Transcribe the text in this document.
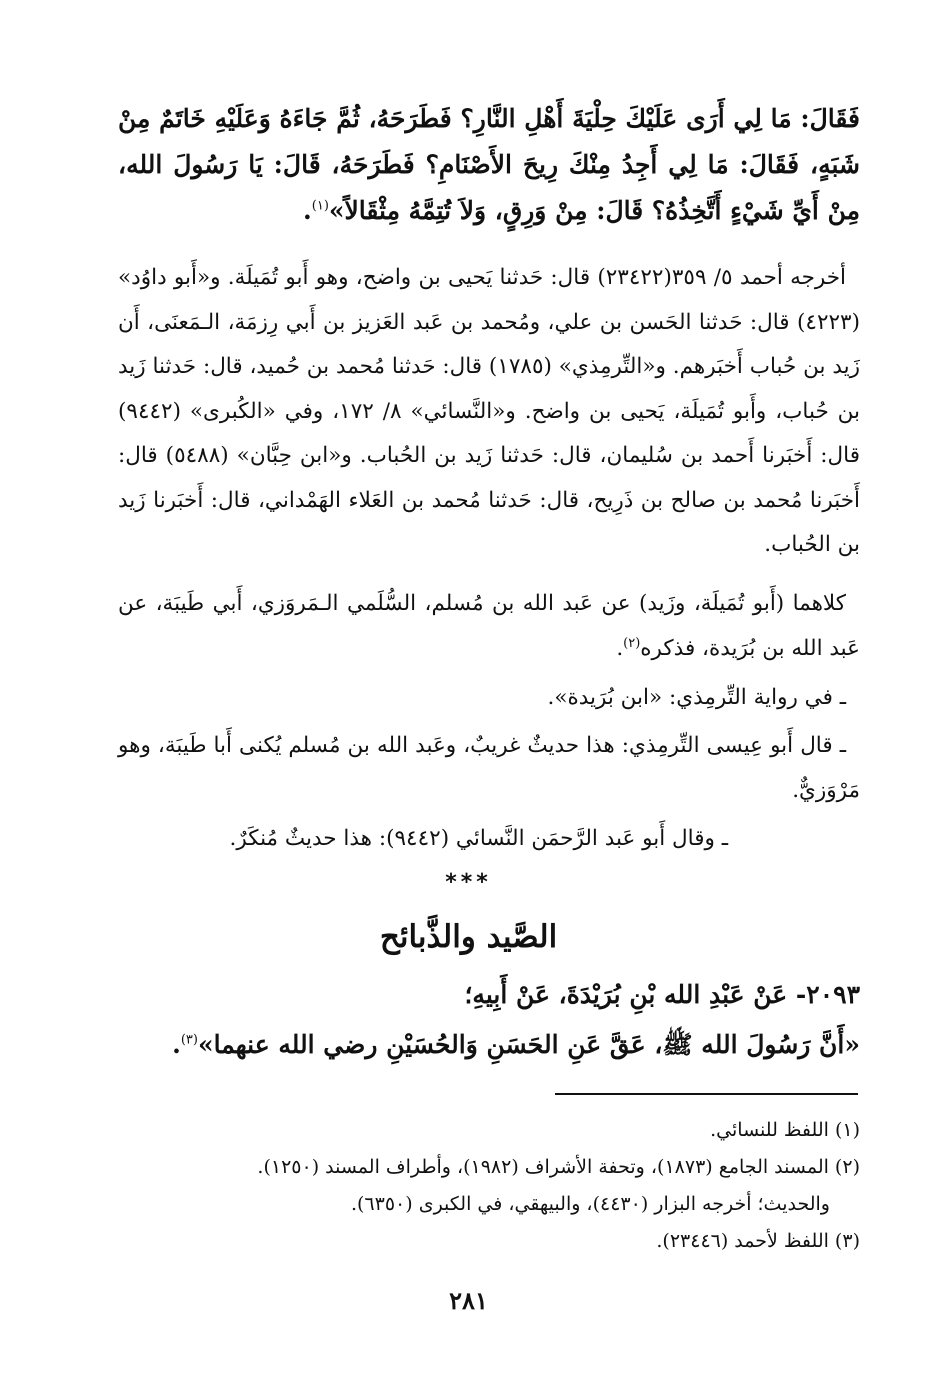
فَقَالَ: مَا لِي أَرَى عَلَيْكَ حِلْيَةَ أَهْلِ النَّارِ؟ فَطَرَحَهُ، ثُمَّ جَاءَهُ وَعَلَيْهِ خَاتَمٌ مِنْ شَبَهٍ، فَقَالَ: مَا لِي أَجِدُ مِنْكَ رِيحَ الأَصْنَامِ؟ فَطَرَحَهُ، قَالَ: يَا رَسُولَ الله، مِنْ أَيِّ شَيْءٍ أَتَّخِذُهُ؟ قَالَ: مِنْ وَرِقٍ، وَلاَ تُتِمَّهُ مِثْقَالاً»$^{(١)}$.
أخرجه أحمد ٥/ ٣٥٩(٢٣٤٢٢) قال: حَدثنا يَحيى بن واضح، وهو أَبو تُمَيلَة. و«أَبو داوُد» (٤٢٢٣) قال: حَدثنا الحَسن بن علي، ومُحمد بن عَبد العَزيز بن أَبي رِزمَة، الـمَعنَى، أَن زَيد بن حُباب أَخبَرهم. و«التِّرمِذي» (١٧٨٥) قال: حَدثنا مُحمد بن حُميد، قال: حَدثنا زَيد بن حُباب، وأَبو تُمَيلَة، يَحيى بن واضح. و«النَّسائي» ٨/ ١٧٢، وفي «الكُبرى» (٩٤٤٢) قال: أَخبَرنا أَحمد بن سُليمان، قال: حَدثنا زَيد بن الحُباب. و«ابن حِبَّان» (٥٤٨٨) قال: أَخبَرنا مُحمد بن صالح بن ذَرِيح، قال: حَدثنا مُحمد بن العَلاء الهَمْداني، قال: أَخبَرنا زَيد بن الحُباب.
كلاهما (أَبو تُمَيلَة، وزَيد) عن عَبد الله بن مُسلم، السُّلَمي الـمَروَزي، أَبي طَيبَة، عن عَبد الله بن بُرَيدة، فذكره$^{(٢)}$.
ـ في رواية التِّرمِذي: «ابن بُرَيدة».
ـ قال أَبو عِيسى التِّرمِذي: هذا حديثٌ غريبٌ، وعَبد الله بن مُسلم يُكنى أَبا طَيبَة، وهو مَرْوَزيٌّ.
ـ وقال أَبو عَبد الرَّحمَن النَّسائي (٩٤٤٢): هذا حديثٌ مُنكَرٌ.
***
الصَّيد والذَّبائح
٢٠٩٣- عَنْ عَبْدِ الله بْنِ بُرَيْدَةَ، عَنْ أَبِيهِ؛
«أَنَّ رَسُولَ الله ﷺ، عَقَّ عَنِ الحَسَنِ وَالحُسَيْنِ رضي الله عنهما»$^{(٣)}$.
(١) اللفظ للنسائي.
(٢) المسند الجامع (١٨٧٣)، وتحفة الأشراف (١٩٨٢)، وأطراف المسند (١٢٥٠).
والحديث؛ أخرجه البزار (٤٤٣٠)، والبيهقي، في الكبرى (٦٣٥٠).
(٣) اللفظ لأحمد (٢٣٤٤٦).
٢٨١
